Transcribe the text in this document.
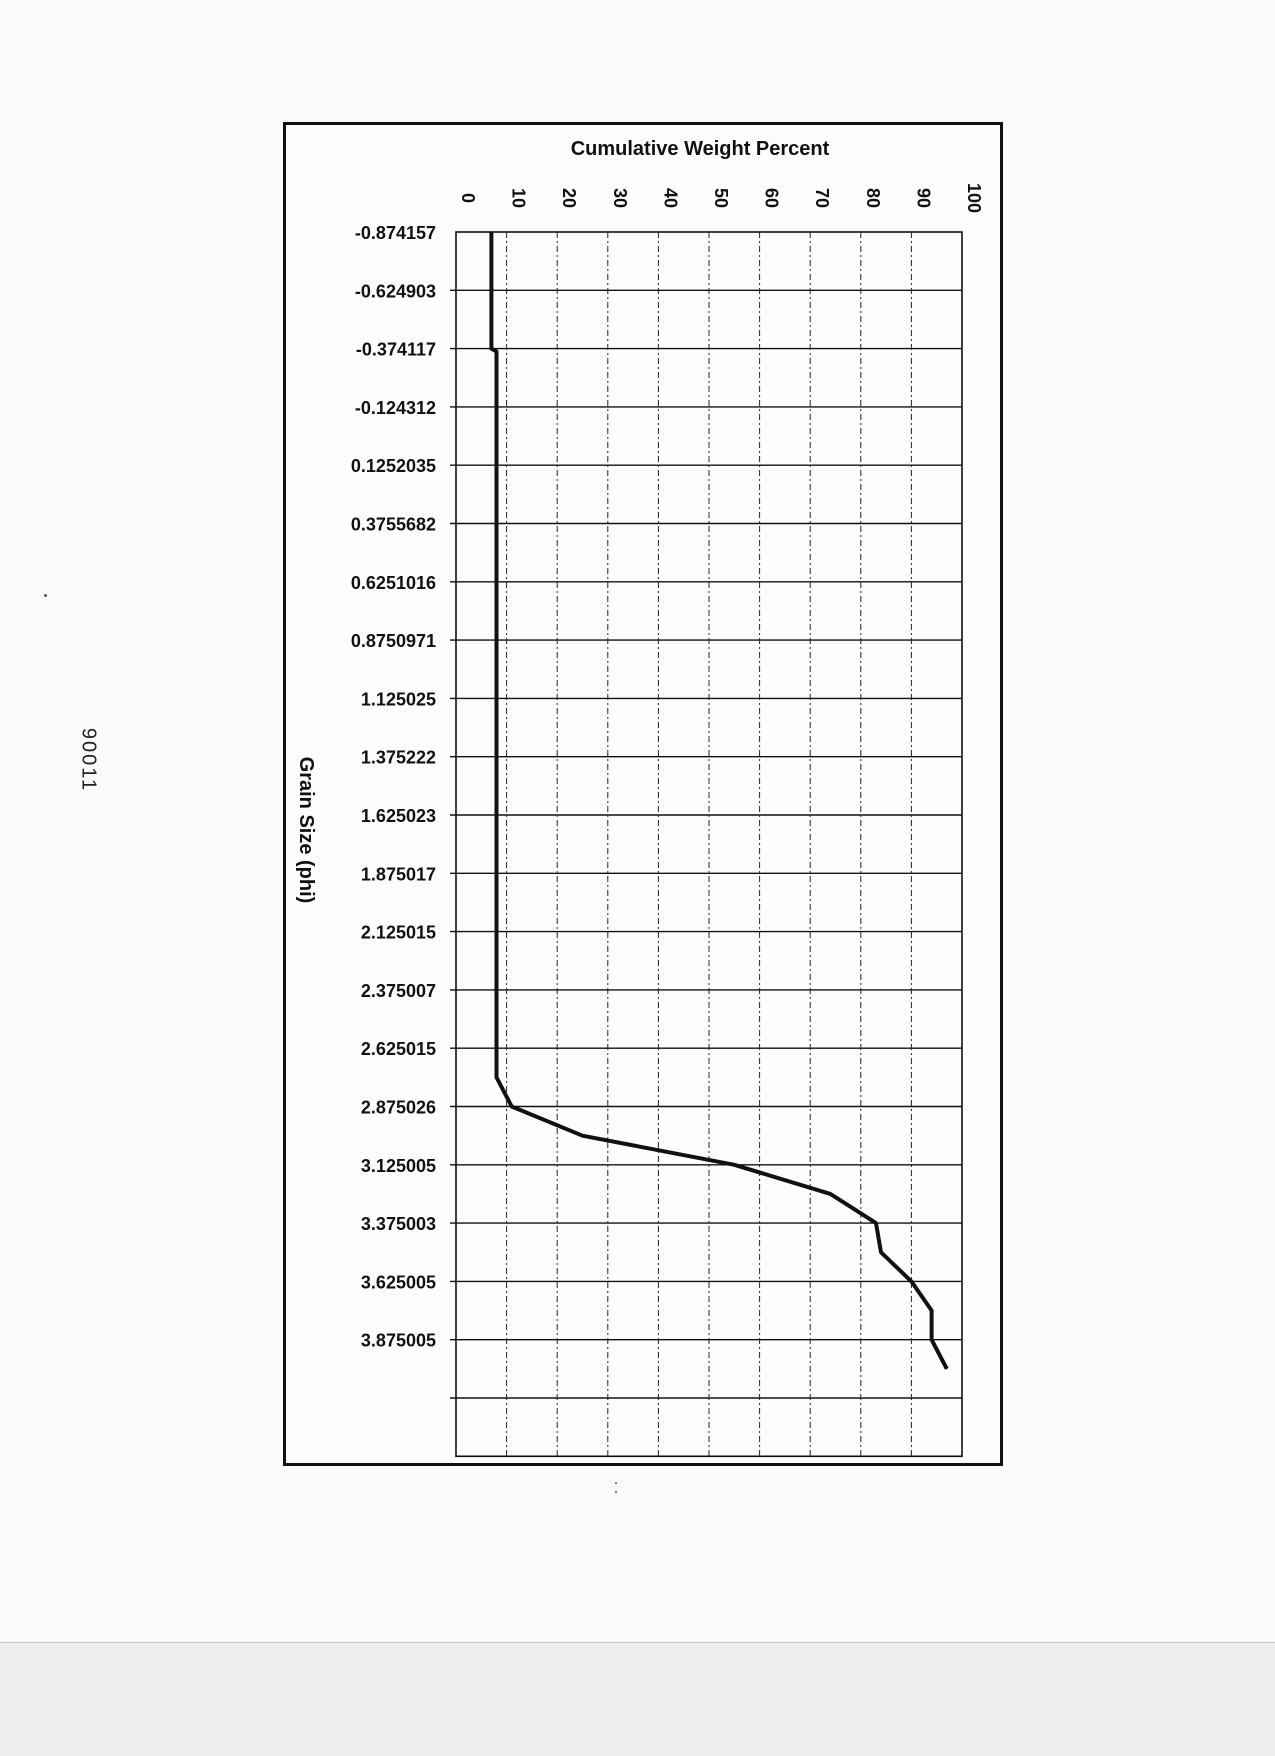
90011
Cumulative Weight Percent
Grain Size (phi)
0 10 20 30 40 50 60 70 80 90 100
-0.874157
-0.624903
-0.374117
-0.124312
0.1252035
0.3755682
0.6251016
0.8750971
1.125025
1.375222
1.625023
1.875017
2.125015
2.375007
2.625015
2.875026
3.125005
3.375003
3.625005
3.875005
